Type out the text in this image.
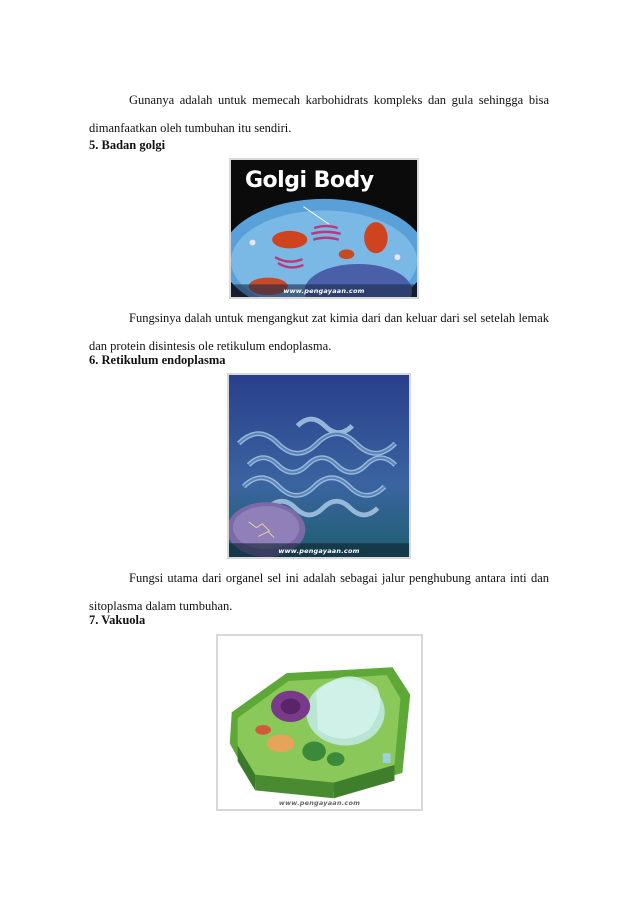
Gunanya adalah untuk memecah karbohidrats kompleks dan gula sehingga bisa dimanfaatkan oleh tumbuhan itu sendiri.

5. Badan golgi

Golgi Body
www.pengayaan.com

Fungsinya dalah untuk mengangkut zat kimia dari dan keluar dari sel setelah lemak dan protein disintesis ole retikulum endoplasma.

6. Retikulum endoplasma

www.pengayaan.com

Fungsi utama dari organel sel ini adalah sebagai jalur penghubung antara inti dan sitoplasma dalam tumbuhan.

7. Vakuola

www.pengayaan.com
